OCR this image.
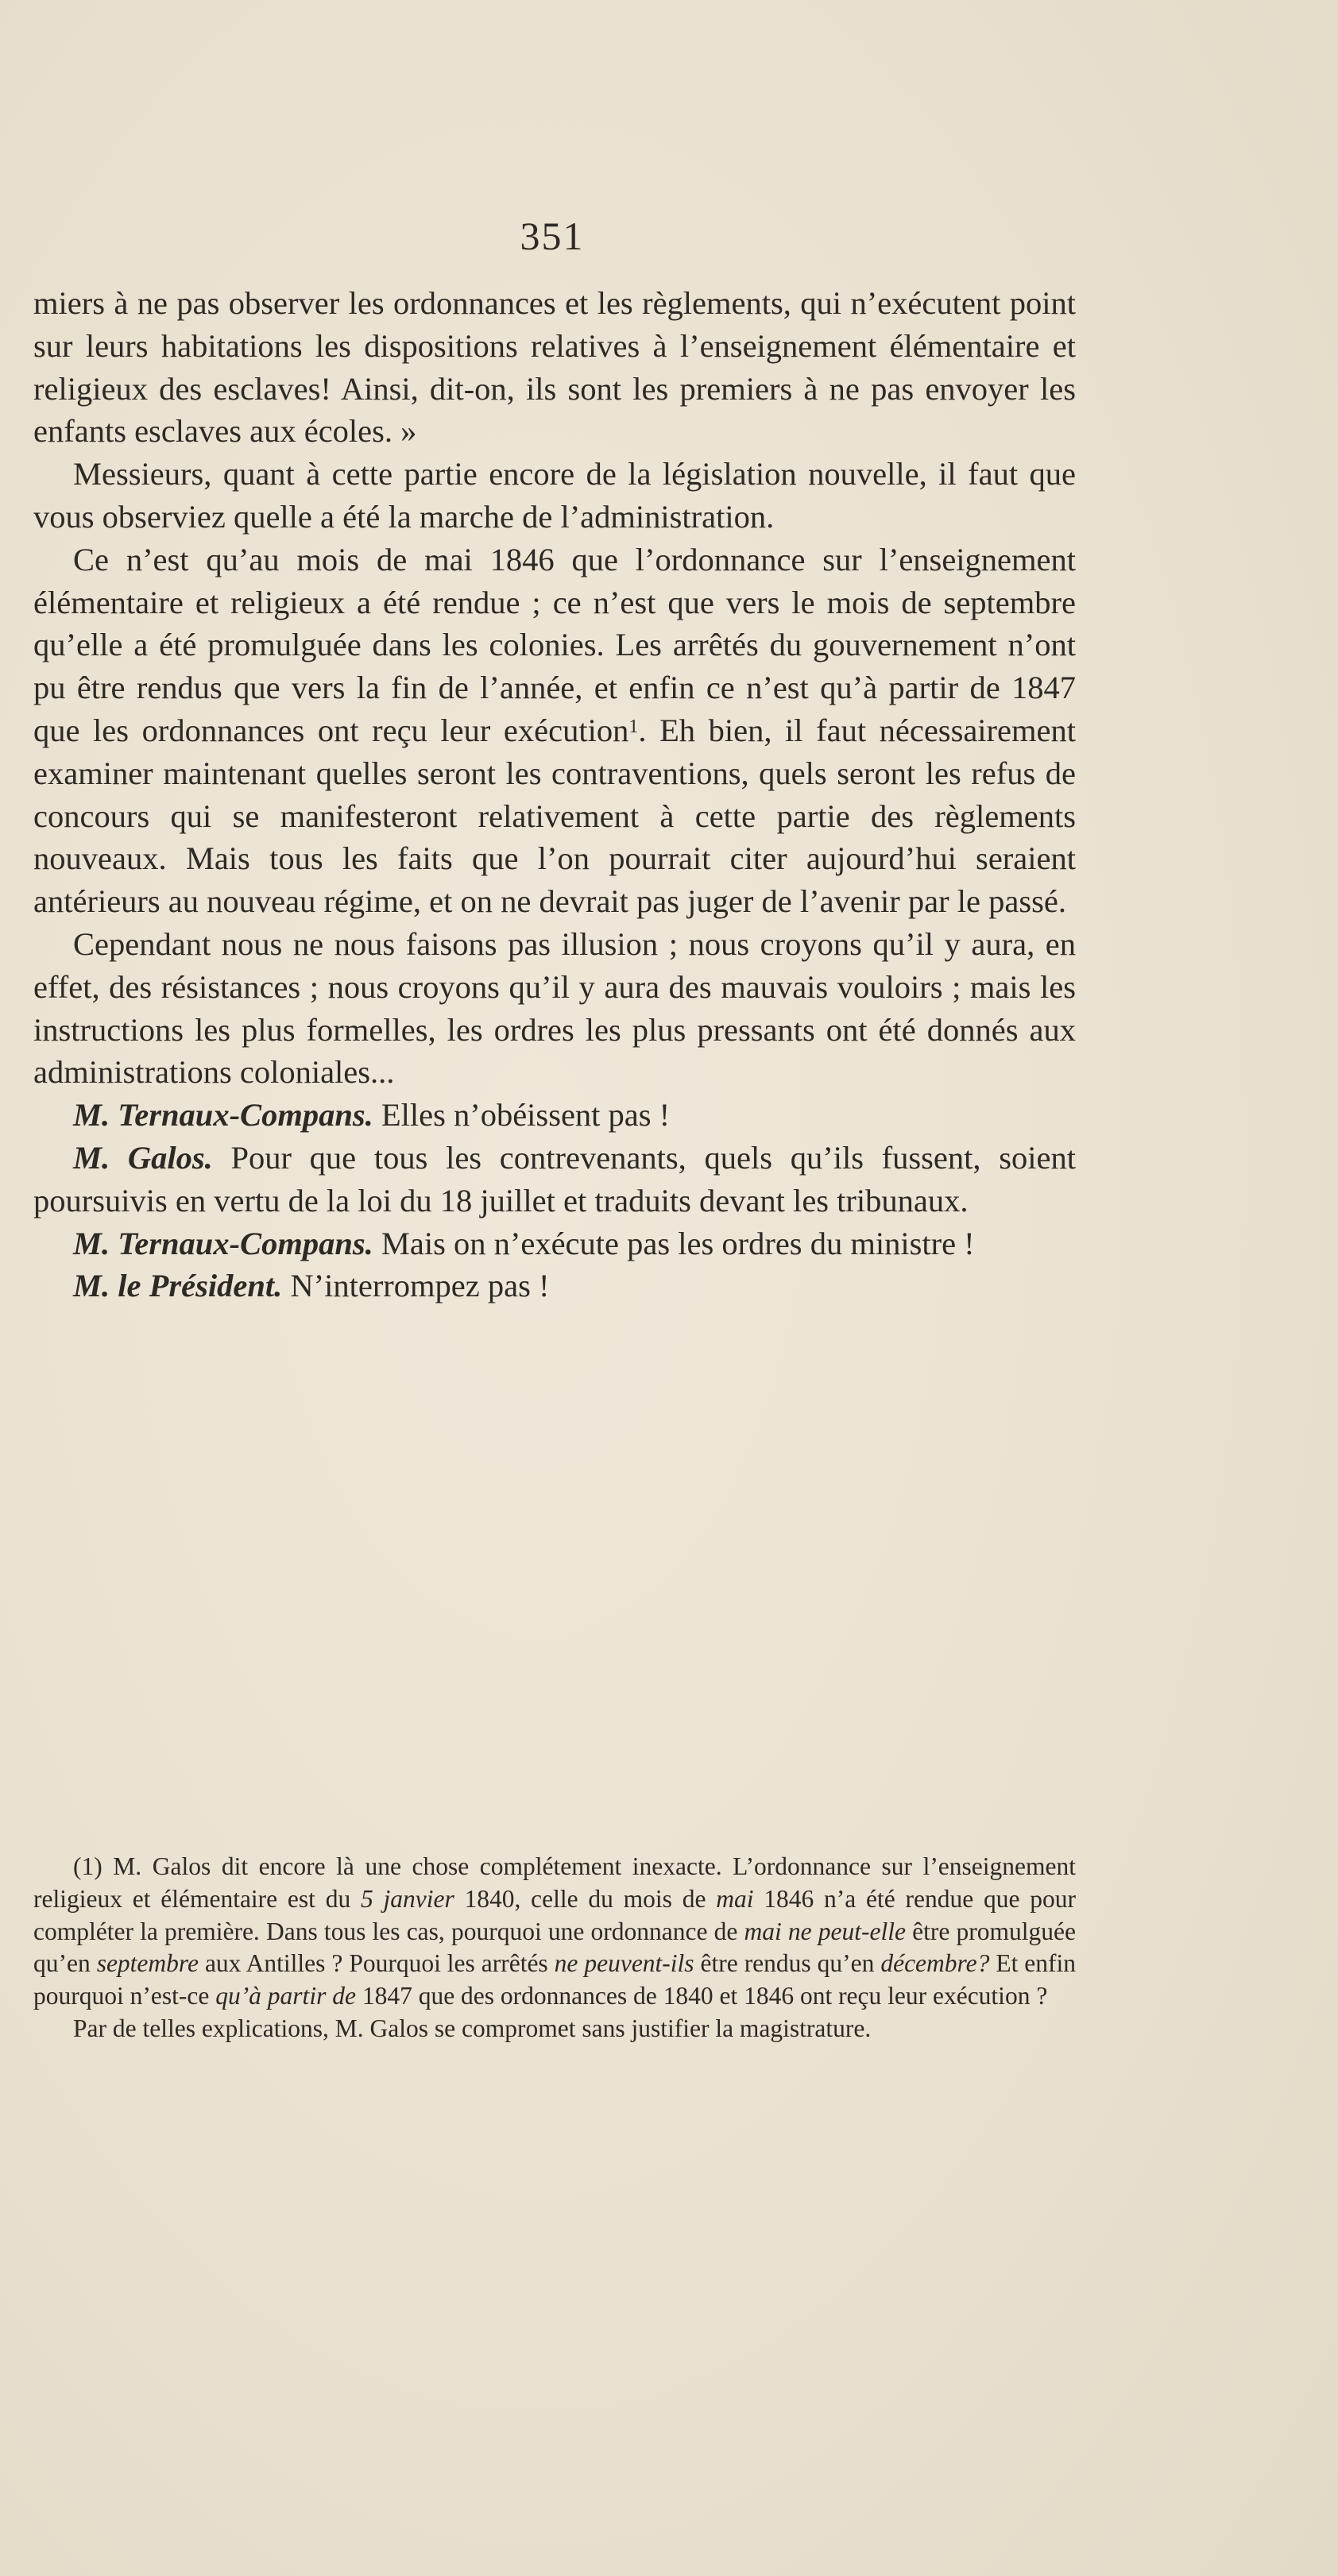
351

miers à ne pas observer les ordonnances et les règlements, qui n’exécutent point sur leurs habitations les dispositions relatives à l’enseignement élémentaire et religieux des esclaves! Ainsi, dit-on, ils sont les premiers à ne pas envoyer les enfants esclaves aux écoles. »

Messieurs, quant à cette partie encore de la législation nouvelle, il faut que vous observiez quelle a été la marche de l’administration.

Ce n’est qu’au mois de mai 1846 que l’ordonnance sur l’enseignement élémentaire et religieux a été rendue ; ce n’est que vers le mois de septembre qu’elle a été promulguée dans les colonies. Les arrêtés du gouvernement n’ont pu être rendus que vers la fin de l’année, et enfin ce n’est qu’à partir de 1847 que les ordonnances ont reçu leur exécution$^1$. Eh bien, il faut nécessairement examiner maintenant quelles seront les contraventions, quels seront les refus de concours qui se manifesteront relativement à cette partie des règlements nouveaux. Mais tous les faits que l’on pourrait citer aujourd’hui seraient antérieurs au nouveau régime, et on ne devrait pas juger de l’avenir par le passé.

Cependant nous ne nous faisons pas illusion ; nous croyons qu’il y aura, en effet, des résistances ; nous croyons qu’il y aura des mauvais vouloirs ; mais les instructions les plus formelles, les ordres les plus pressants ont été donnés aux administrations coloniales...

M. Ternaux-Compans. Elles n’obéissent pas !

M. Galos. Pour que tous les contrevenants, quels qu’ils fussent, soient poursuivis en vertu de la loi du 18 juillet et traduits devant les tribunaux.

M. Ternaux-Compans. Mais on n’exécute pas les ordres du ministre !

M. le Président. N’interrompez pas !

(1) M. Galos dit encore là une chose complétement inexacte. L’ordonnance sur l’enseignement religieux et élémentaire est du 5 janvier 1840, celle du mois de mai 1846 n’a été rendue que pour compléter la première. Dans tous les cas, pourquoi une ordonnance de mai ne peut-elle être promulguée qu’en septembre aux Antilles ? Pourquoi les arrêtés ne peuvent-ils être rendus qu’en décembre? Et enfin pourquoi n’est-ce qu’à partir de 1847 que des ordonnances de 1840 et 1846 ont reçu leur exécution ?

Par de telles explications, M. Galos se compromet sans justifier la magistrature.
